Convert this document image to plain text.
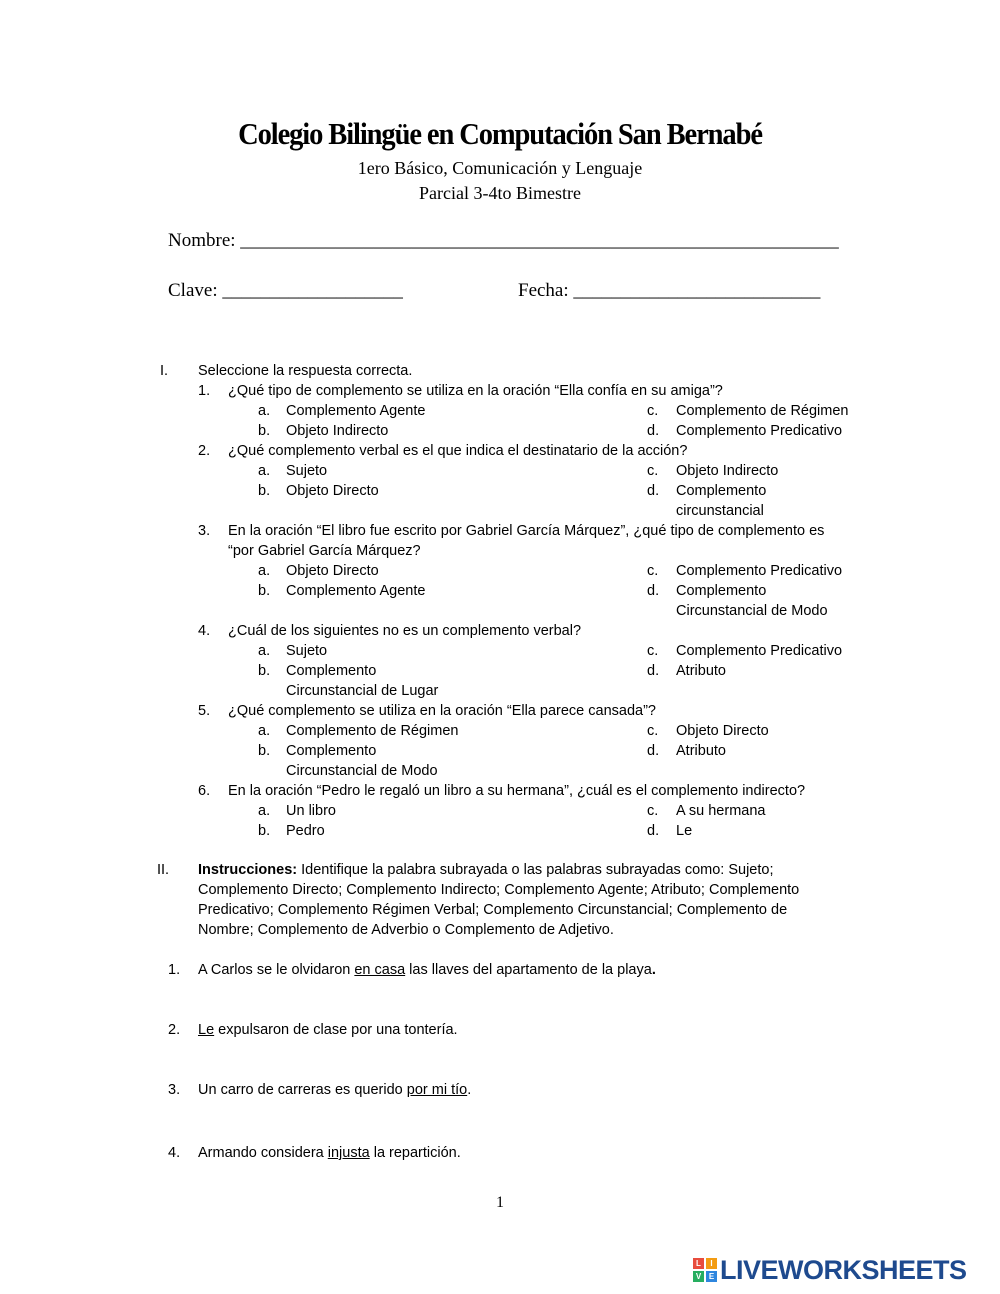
Colegio Bilingüe en Computación San Bernabé
1ero Básico, Comunicación y Lenguaje
Parcial 3-4to Bimestre
Nombre: _______________________________________________________________
Clave: ___________________	Fecha: __________________________
I. Seleccione la respuesta correcta.
1. ¿Qué tipo de complemento se utiliza en la oración “Ella confía en su amiga”?
a. Complemento Agente
b. Objeto Indirecto
c. Complemento de Régimen
d. Complemento Predicativo
2. ¿Qué complemento verbal es el que indica el destinatario de la acción?
a. Sujeto
b. Objeto Directo
c. Objeto Indirecto
d. Complemento
circunstancial
3. En la oración “El libro fue escrito por Gabriel García Márquez”, ¿qué tipo de complemento es
“por Gabriel García Márquez?
a. Objeto Directo
b. Complemento Agente
c. Complemento Predicativo
d. Complemento
Circunstancial de Modo
4. ¿Cuál de los siguientes no es un complemento verbal?
a. Sujeto
b. Complemento
Circunstancial de Lugar
c. Complemento Predicativo
d. Atributo
5. ¿Qué complemento se utiliza en la oración “Ella parece cansada”?
a. Complemento de Régimen
b. Complemento
Circunstancial de Modo
c. Objeto Directo
d. Atributo
6. En la oración “Pedro le regaló un libro a su hermana”, ¿cuál es el complemento indirecto?
a. Un libro
b. Pedro
c. A su hermana
d. Le
II. Instrucciones: Identifique la palabra subrayada o las palabras subrayadas como: Sujeto;
Complemento Directo; Complemento Indirecto; Complemento Agente; Atributo; Complemento
Predicativo; Complemento Régimen Verbal; Complemento Circunstancial; Complemento de
Nombre; Complemento de Adverbio o Complemento de Adjetivo.
1. A Carlos se le olvidaron en casa las llaves del apartamento de la playa.
2. Le expulsaron de clase por una tontería.
3. Un carro de carreras es querido por mi tío.
4. Armando considera injusta la repartición.
1
L	I
V E LIVEWORKSHEETS
